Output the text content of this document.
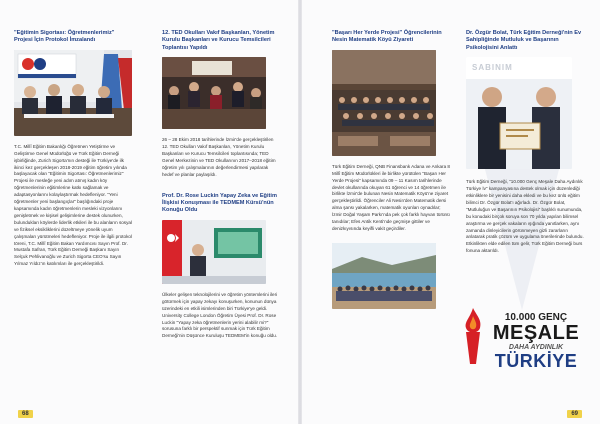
"Eğitimin Sigortası: Öğretmenlerimiz" Projesi İçin Protokol İmzalandı

Yeni Öğretmenlerin Yeni Başlangıçları

T.C. Millî Eğitim Bakanlığı Öğretmen Yetiştirme ve Geliştirme Genel Müdürlüğü ve Türk Eğitim Derneği işbirliğinde, Zurich Sigorta'nın desteği ile Türkiye'de ilk ikinci kez gerçekleşen 2018-2019 eğitim öğretim yılında başlayacak olan "Eğitimin Sigortası: Öğretmenlerimiz" Projesi ile mesleğe yeni adım atmış kadın köy öğretmenlerinin eğitimlerine katkı sağlamak ve adaptasyonlarını kolaylaştırmak hedefleniyor. "Yeni öğretmenler yeni başlangıçlar" başlığındaki proje kapsamında kadın öğretmenlerin mesleki vizyonlarını genişletmek ve kişisel gelişimlerine destek olunurken, bulundukları köylerde liderlik etkileri ile bu alanların sosyal ve fiziksel eksikliklerini düzeltmeye yönelik uyum çalışmaları yürütmeleri hedefleniyor. Proje ile ilgili protokol töreni, T.C. Millî Eğitim Bakan Yardımcısı Sayın Prof. Dr. Mustafa Safran, Türk Eğitim Derneği Başkanı Sayın Selçuk Pehlivanoğlu ve Zurich Sigorta CEO'su Sayın Yılmaz Yıldız'ın katılımları ile gerçekleştirildi.

12. TED Okulları Vakıf Başkanları, Yönetim Kurulu Başkanları ve Kurucu Temsilcileri Toplantısı Yapıldı

26 – 28 Ekim 2018 tarihlerinde İzmir'de gerçekleştirilen 12. TED Okulları Vakıf Başkanları, Yönetim Kurulu Başkanları ve Kurucu Temsilcileri toplantısında; TED Genel Merkezinin ve TED Okullarının 2017–2018 eğitim öğretim yılı çalışmalarının değerlendirmesi yapılarak hedef ve planlar paylaşıldı.

Prof. Dr. Rose Luckin Yapay Zeka ve Eğitim İlişkisi Konuşması ile TEDMEM Kürsü'nün Konuğu Oldu

Ülkeler gelişen teknolojilerini ve öğretim yöntemlerini ileri götürmek için yapay zekayı konuşurken, konunun dünya üzerindeki en etkili isimlerinden biri Türkiye'ye geldi. University College London Öğretim Üyesi Prof. Dr. Rose Luckin "Yapay zeka öğretmenlerin yerini alabilir mi?" sorusuna farklı bir perspektif sunmak için Türk Eğitim Derneği'nin Düşünce Kuruluşu TEDMEM'in konuğu oldu.

"Başarı Her Yerde Projesi" Öğrencilerinin Nesin Matematik Köyü Ziyareti

Türk Eğitim Derneği, QNB Finansbank Adana ve Ankara 8 Millî Eğitim Müdürlükleri ile birlikte yürütülen "Başarı Her Yerde Projesi" kapsamında 09 – 11 Kasım tarihlerinde devlet okullarında okuyan 61 öğrenci ve 14 öğretmen ile birlikte İzmir'de bulunan Nesin Matematik Köyü'ne ziyaret gerçekleştirildi. Öğrenciler Ali Nesin'den Matematik dersi alma şansı yakalarken, matematik oyunları oynadılar; İzmir Doğal Yaşam Parkı'nda pek çok farklı hayvan türünü tanıdılar; Efes Antik Kenti'nde geçmişe gittiler ve denizkıyısında keyifli vakit geçirdiler.

Dr. Özgür Bolat, Türk Eğitim Derneği'nin Ev Sahipliğinde Mutluluk ve Başarının Psikolojisini Anlattı

SABINIM

Türk Eğitim Derneği, "10.000 Genç Meşale Daha Aydınlık Türkiye İv" kampanyasına destek olmak için düzenlediği etkinliklere bir yenisini daha ekledi ve bu kez ünlü eğitim bilimci Dr. Özgür Bolat'ı ağırladı. Dr. Özgür Bolat, "Mutluluğun ve Başarının Psikolojisi" başlıklı sunumunda, bu konudaki birçok soruya son 70 yılda yapılan bilimsel araştırma ve gerçek vakaların ışığında yanıtlarken, aynı zamanda dinleyicilerin görünmeyen gizli zararların anlatarak pratik çözüm ve uygulama önerilerinde bulundu. Etkinlikten elde edilen tüm gelir, Türk Eğitim Derneği burs fonuna aktarıldı.

10.000 GENÇ
MEŞALE
DAHA AYDINLIK
TÜRKİYE
68	69
